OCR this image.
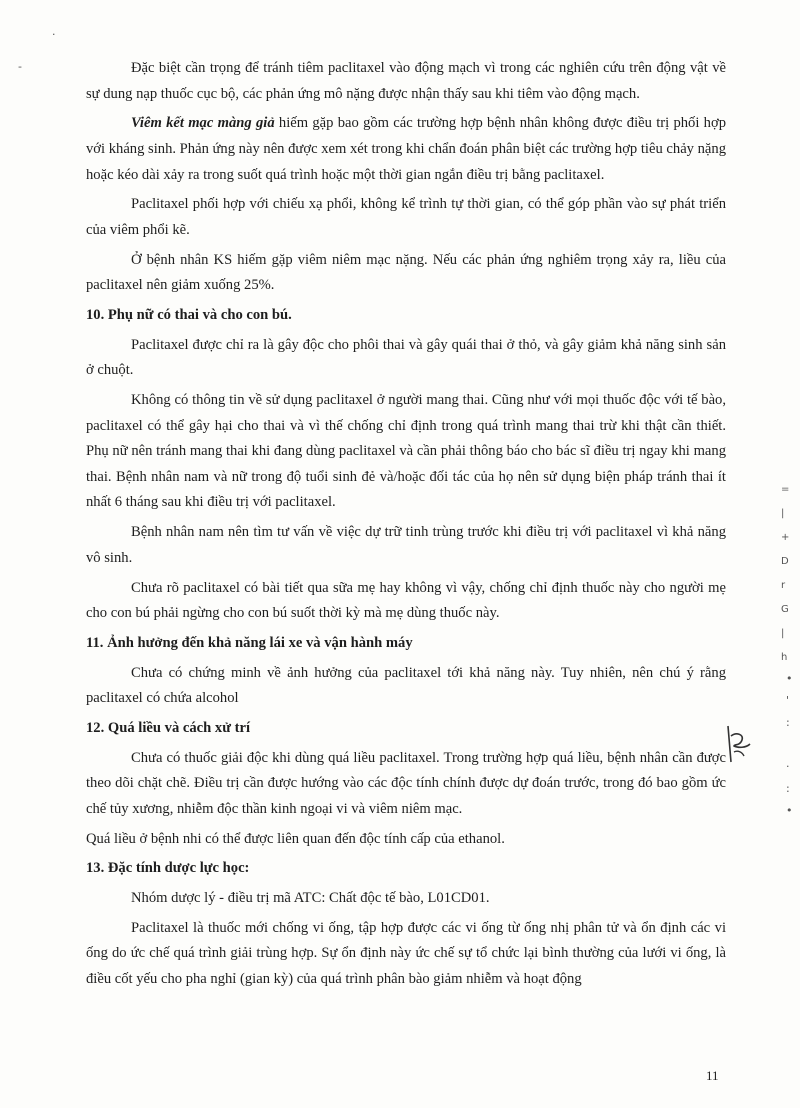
·
-
=
|
+
D
r
G
|
h
•
'
:

·
:
•

Đặc biệt cần trọng để tránh tiêm paclitaxel vào động mạch vì trong các nghiên cứu trên động vật về sự dung nạp thuốc cục bộ, các phản ứng mô nặng được nhận thấy sau khi tiêm vào động mạch.

Viêm kết mạc màng giả hiếm gặp bao gồm các trường hợp bệnh nhân không được điều trị phối hợp với kháng sinh. Phản ứng này nên được xem xét trong khi chẩn đoán phân biệt các trường hợp tiêu chảy nặng hoặc kéo dài xảy ra trong suốt quá trình hoặc một thời gian ngắn điều trị bằng paclitaxel.

Paclitaxel phối hợp với chiếu xạ phổi, không kể trình tự thời gian, có thể góp phần vào sự phát triển của viêm phổi kẽ.

Ở bệnh nhân KS hiếm gặp viêm niêm mạc nặng. Nếu các phản ứng nghiêm trọng xảy ra, liều của paclitaxel nên giảm xuống 25%.

10. Phụ nữ có thai và cho con bú.

Paclitaxel được chỉ ra là gây độc cho phôi thai và gây quái thai ở thỏ, và gây giảm khả năng sinh sản ở chuột.

Không có thông tin về sử dụng paclitaxel ở người mang thai. Cũng như với mọi thuốc độc với tế bào, paclitaxel có thể gây hại cho thai và vì thế chống chỉ định trong quá trình mang thai trừ khi thật cần thiết. Phụ nữ nên tránh mang thai khi đang dùng paclitaxel và cần phải thông báo cho bác sĩ điều trị ngay khi mang thai. Bệnh nhân nam và nữ trong độ tuổi sinh đẻ và/hoặc đối tác của họ nên sử dụng biện pháp tránh thai ít nhất 6 tháng sau khi điều trị với paclitaxel.

Bệnh nhân nam nên tìm tư vấn về việc dự trữ tinh trùng trước khi điều trị với paclitaxel vì khả năng vô sinh.

Chưa rõ paclitaxel có bài tiết qua sữa mẹ hay không vì vậy, chống chỉ định thuốc này cho người mẹ cho con bú phải ngừng cho con bú suốt thời kỳ mà mẹ dùng thuốc này.

11. Ảnh hưởng đến khả năng lái xe và vận hành máy

Chưa có chứng minh về ảnh hưởng của paclitaxel tới khả năng này. Tuy nhiên, nên chú ý rằng paclitaxel có chứa alcohol

12. Quá liều và cách xử trí

Chưa có thuốc giải độc khi dùng quá liều paclitaxel. Trong trường hợp quá liều, bệnh nhân cần được theo dõi chặt chẽ. Điều trị cần được hướng vào các độc tính chính được dự đoán trước, trong đó bao gồm ức chế tủy xương, nhiễm độc thần kinh ngoại vi và viêm niêm mạc.

Quá liều ở bệnh nhi có thể được liên quan đến độc tính cấp của ethanol.

13. Đặc tính dược lực học:

Nhóm dược lý - điều trị mã ATC: Chất độc tế bào, L01CD01.

Paclitaxel là thuốc mới chống vi ống, tập hợp được các vi ống từ ống nhị phân tử và ổn định các vi ống do ức chế quá trình giải trùng hợp. Sự ổn định này ức chế sự tổ chức lại bình thường của lưới vi ống, là điều cốt yếu cho pha nghỉ (gian kỳ) của quá trình phân bào giảm nhiễm và hoạt động

11
